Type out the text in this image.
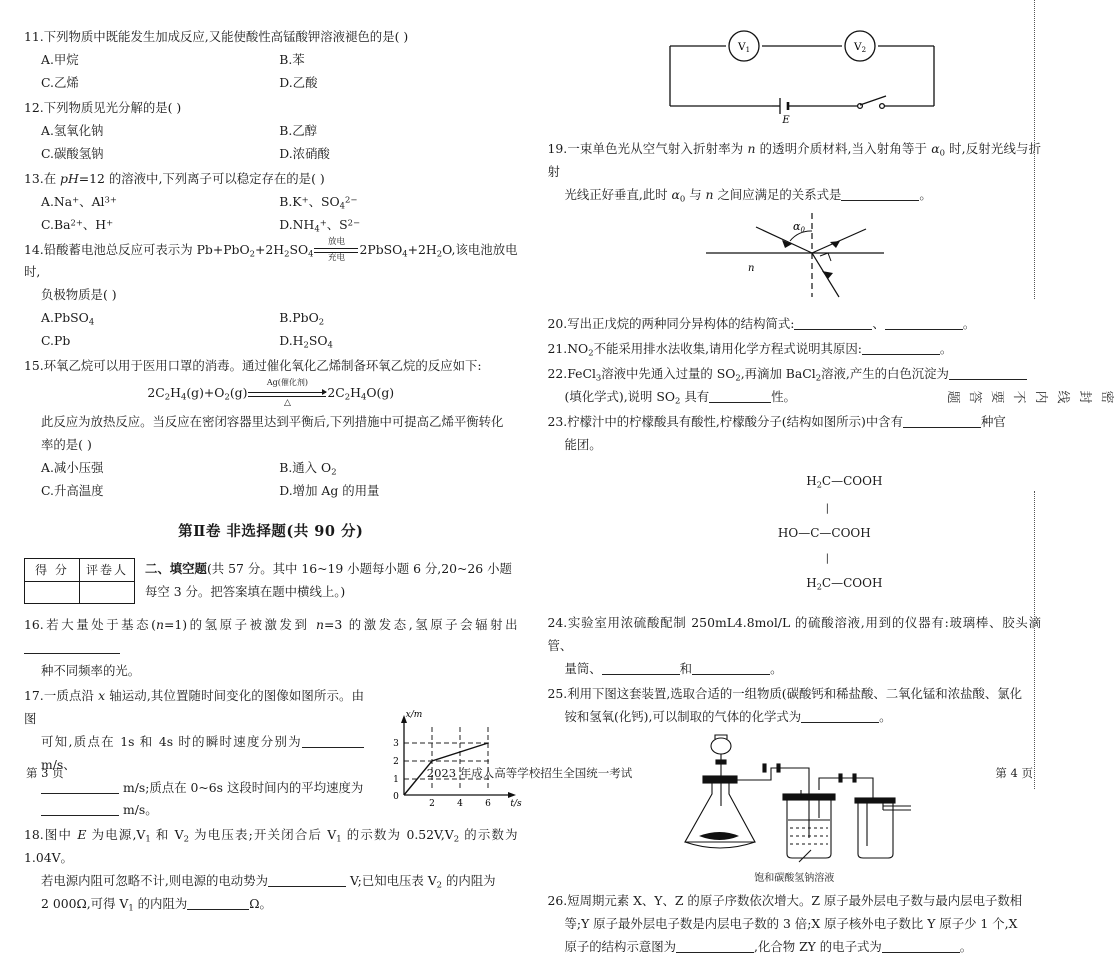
11.下列物质中既能发生加成反应,又能使酸性高锰酸钾溶液褪色的是( )
A.甲烷	B.苯
C.乙烯	D.乙酸
12.下列物质见光分解的是( )
A.氢氧化钠	B.乙醇
C.碳酸氢钠	D.浓硝酸
13.在 pH=12 的溶液中,下列离子可以稳定存在的是( )
A.Na+、$Al^{3+}$	B.K+、$SO_4^{2-}$
$C.Ba^{2+}$、H+	$D.NH_4^+$、$S^{2-}$
14.铅酸蓄电池总反应可表示为 $Pb+PbO_2+2H_2SO_4$
放电
充电
$2PbSO_4+2H_2O$,该电池放电时,
负极物质是( )
A.PbSO$_4$	B.PbO$_2$
C.Pb	$D.H_2SO_4$
15.环氧乙烷可以用于医用口罩的消毒。通过催化氧化乙烯制备环氧乙烷的反应如下:
$2C_2H_4(g)+O_2(g)$
Ag(催化剂)
△
$2C_2H_4O(g)$
此反应为放热反应。当反应在密闭容器里达到平衡后,下列措施中可提高乙烯平衡转化
率的是( )
A.减小压强	B.通入 $O_2$
C.升高温度	D.增加 Ag 的用量
第Ⅱ卷 非选择题(共 90 分)
得 分	评卷人
	二、填空题(共 57 分。其中 16~19 小题每小题 6 分,20~26 小题每空 3 分。把答案填在题中横线上。)
16.若大量处于基态(n=1)的氢原子被激发到 n=3 的激发态,氢原子会辐射出
种不同频率的光。
0
1
2
3
2 4 6
x/m
t/s
17.一质点沿 x 轴运动,其位置随时间变化的图像如图所示。由图
可知,质点在 1s 和 4s 时的瞬时速度分别为 m/s、
m/s;质点在 0~6s 这段时间内的平均速度为
m/s。
18.图中 E 为电源$,V_1$ 和 $V_2$ 为电压表;开关闭合后 $V_1$ 的示数为 $0.52V,V_2$ 的示数为 1.04V。
若电源内阻可忽略不计,则电源的电动势为	V;已知电压表 $V_2$ 的内阻为
2 000Ω,可得 $V_1$ 的内阻为	Ω。
V1	V2
E
19.一束单色光从空气射入折射率为 n 的透明介质材料,当入射角等于 $\alpha_0$ 时,反射光线与折射
光线正好垂直,此时 $\alpha_0$ 与 n 之间应满足的关系式是	。
α0
n
20.写出正戊烷的两种同分异构体的结构简式:	、	。
$21.NO_2$不能采用排水法收集,请用化学方程式说明其原因:	。
22.FeCl$_3$溶液中先通入过量的 $SO_2$,再滴加 BaCl$_2$溶液,产生的白色沉淀为
(填化学式),说明 $SO_2$ 具有	性。
23.柠檬汁中的柠檬酸具有酸性,柠檬酸分子(结构如图所示)中含有	种官
能团。

$H_2C—COOH$

|

HO—C—COOH

|

$H_2C—COOH$

24.实验室用浓硫酸配制 250mL4.8mol/L 的硫酸溶液,用到的仪器有:玻璃棒、胶头滴管、
量筒、	和	。
25.利用下图这套装置,选取合适的一组物质(碳酸钙和稀盐酸、二氧化锰和浓盐酸、氯化
铵和氢氧(化钙),可以制取的气体的化学式为	。
饱和碳酸氢钠溶液
26.短周期元素 X、Y、Z 的原子序数依次增大。Z 原子最外层电子数与最内层电子数相
等;Y 原子最外层电子数是内层电子数的 3 倍;X 原子核外电子数比 Y 原子少 1 个,X
原子的结构示意图为	,化合物 ZY 的电子式为	。
密封线内不要答题
第 3 页	2023 年成人高等学校招生全国统一考试	第 4 页
